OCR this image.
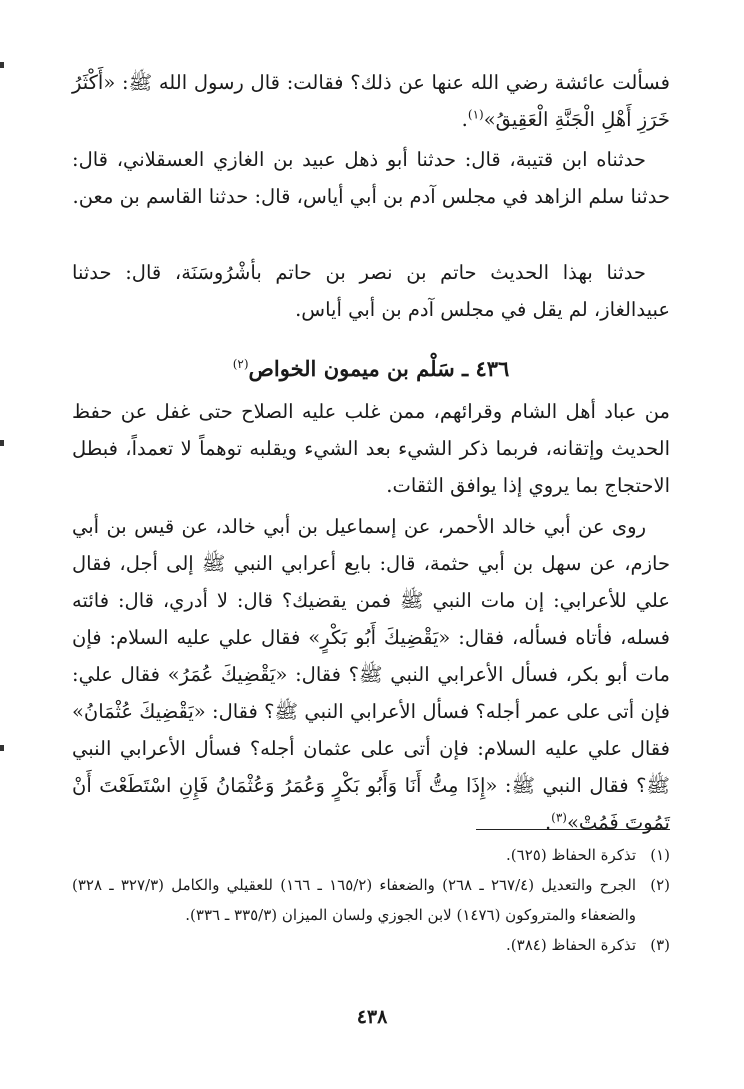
فسألت عائشة رضي الله عنها عن ذلك؟ فقالت: قال رسول الله ﷺ: «أَكْثَرُ خَرَزِ أَهْلِ الْجَنَّةِ الْعَقِيقُ»$^{(١)}$.

حدثناه ابن قتيبة، قال: حدثنا أبو ذهل عبيد بن الغازي العسقلاني، قال: حدثنا سلم الزاهد في مجلس آدم بن أبي أياس، قال: حدثنا القاسم بن معن.

حدثنا بهذا الحديث حاتم بن نصر بن حاتم بأشْرُوسَنَة، قال: حدثنا عبيدالغاز، لم يقل في مجلس آدم بن أبي أياس.

٤٣٦ ـ سَلْم بن ميمون الخواص$^{(٢)}$

من عباد أهل الشام وقرائهم، ممن غلب عليه الصلاح حتى غفل عن حفظ الحديث وإتقانه، فربما ذكر الشيء بعد الشيء ويقلبه توهماً لا تعمداً، فبطل الاحتجاج بما يروي إذا يوافق الثقات.

روى عن أبي خالد الأحمر، عن إسماعيل بن أبي خالد، عن قيس بن أبي حازم، عن سهل بن أبي حثمة، قال: بايع أعرابي النبي ﷺ إلى أجل، فقال علي للأعرابي: إن مات النبي ﷺ فمن يقضيك؟ قال: لا أدري، قال: فائته فسله، فأتاه فسأله، فقال: «يَقْضِيكَ أَبُو بَكْرٍ» فقال علي عليه السلام: فإن مات أبو بكر، فسأل الأعرابي النبي ﷺ؟ فقال: «يَقْضِيكَ عُمَرُ» فقال علي: فإن أتى على عمر أجله؟ فسأل الأعرابي النبي ﷺ؟ فقال: «يَقْضِيكَ عُثْمَانُ» فقال علي عليه السلام: فإن أتى على عثمان أجله؟ فسأل الأعرابي النبي ﷺ؟ فقال النبي ﷺ: «إِذَا مِتُّ أَنَا وَأَبُو بَكْرٍ وَعُمَرُ وَعُثْمَانُ فَإِنِ اسْتَطَعْتَ أَنْ تَمُوتَ فَمُتْ»$^{(٣)}$.

(١)
تذكرة الحفاظ (٦٢٥).
(٢)
الجرح والتعديل (٢٦٧/٤ ـ ٢٦٨) والضعفاء (١٦٥/٢ ـ ١٦٦) للعقيلي والكامل (٣٢٧/٣ ـ ٣٢٨) والضعفاء والمتروكون (١٤٧٦) لابن الجوزي ولسان الميزان (٣٣٥/٣ ـ ٣٣٦).
(٣)
تذكرة الحفاظ (٣٨٤).
٤٣٨
